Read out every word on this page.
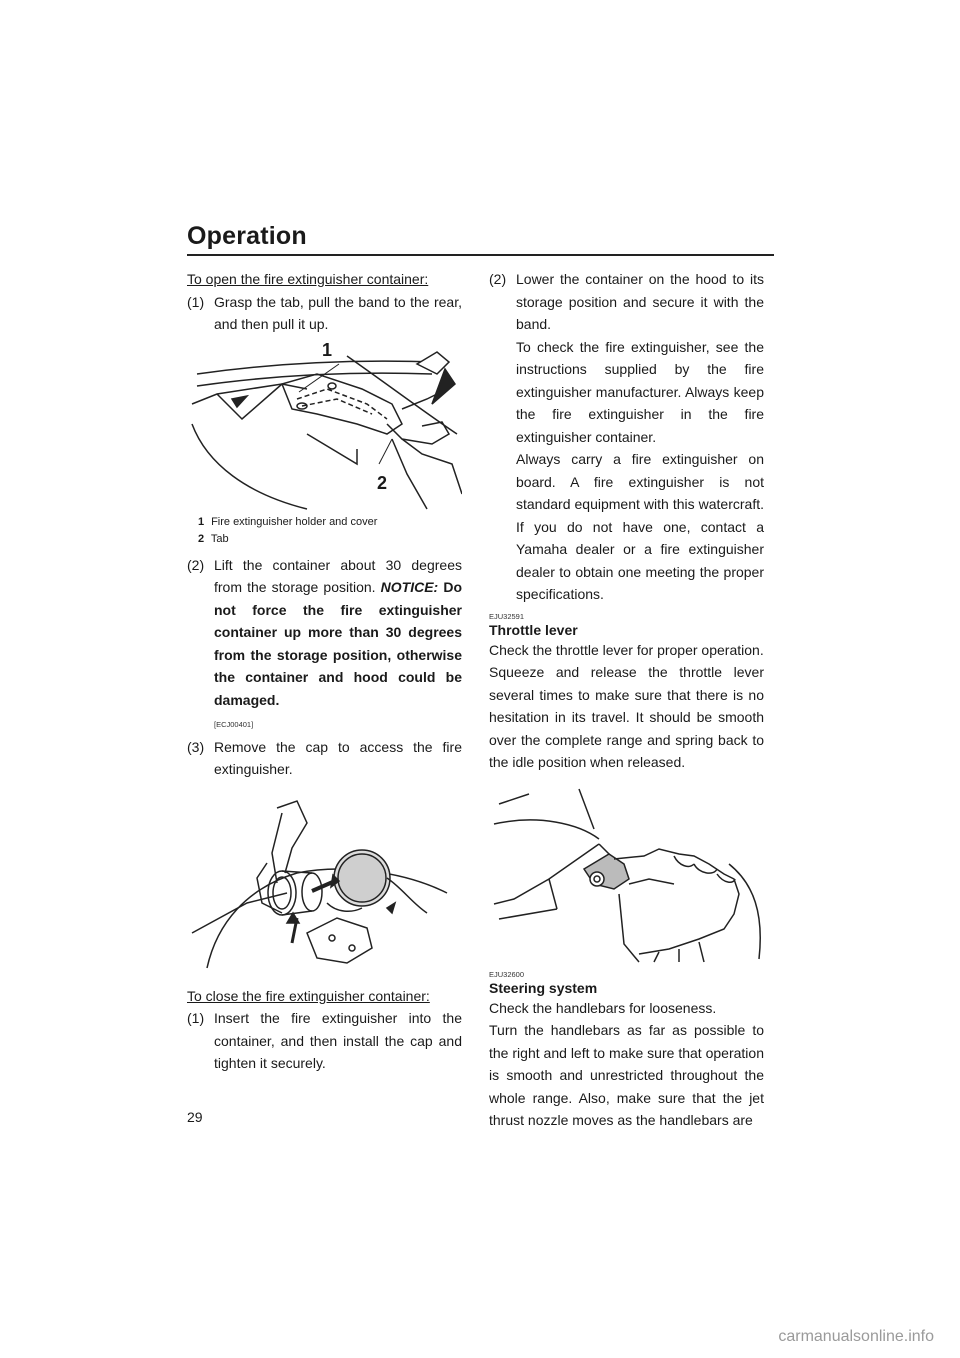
Operation

To open the fire extinguisher container:

(1) Grasp the tab, pull the band to the rear, and then pull it up.
1
2
1 Fire extinguisher holder and cover
2 Tab
(2) Lift the container about 30 degrees from the storage position. NOTICE: Do not force the fire extinguisher container up more than 30 degrees from the storage position, otherwise the container and hood could be damaged.
[ECJ00401]
(3) Remove the cap to access the fire extinguisher.

To close the fire extinguisher container:

(1) Insert the fire extinguisher into the container, and then install the cap and tighten it securely.
(2) Lower the container on the hood to its storage position and secure it with the band.

To check the fire extinguisher, see the instructions supplied by the fire extinguisher manufacturer. Always keep the fire extinguisher in the fire extinguisher container.

Always carry a fire extinguisher on board. A fire extinguisher is not standard equipment with this watercraft. If you do not have one, contact a Yamaha dealer or a fire extinguisher dealer to obtain one meeting the proper specifications.

EJU32591

Throttle lever

Check the throttle lever for proper operation.

Squeeze and release the throttle lever several times to make sure that there is no hesitation in its travel. It should be smooth over the complete range and spring back to the idle position when released.

EJU32600

Steering system

Check the handlebars for looseness.

Turn the handlebars as far as possible to the right and left to make sure that operation is smooth and unrestricted throughout the whole range. Also, make sure that the jet thrust nozzle moves as the handlebars are

29
carmanualsonline.info
